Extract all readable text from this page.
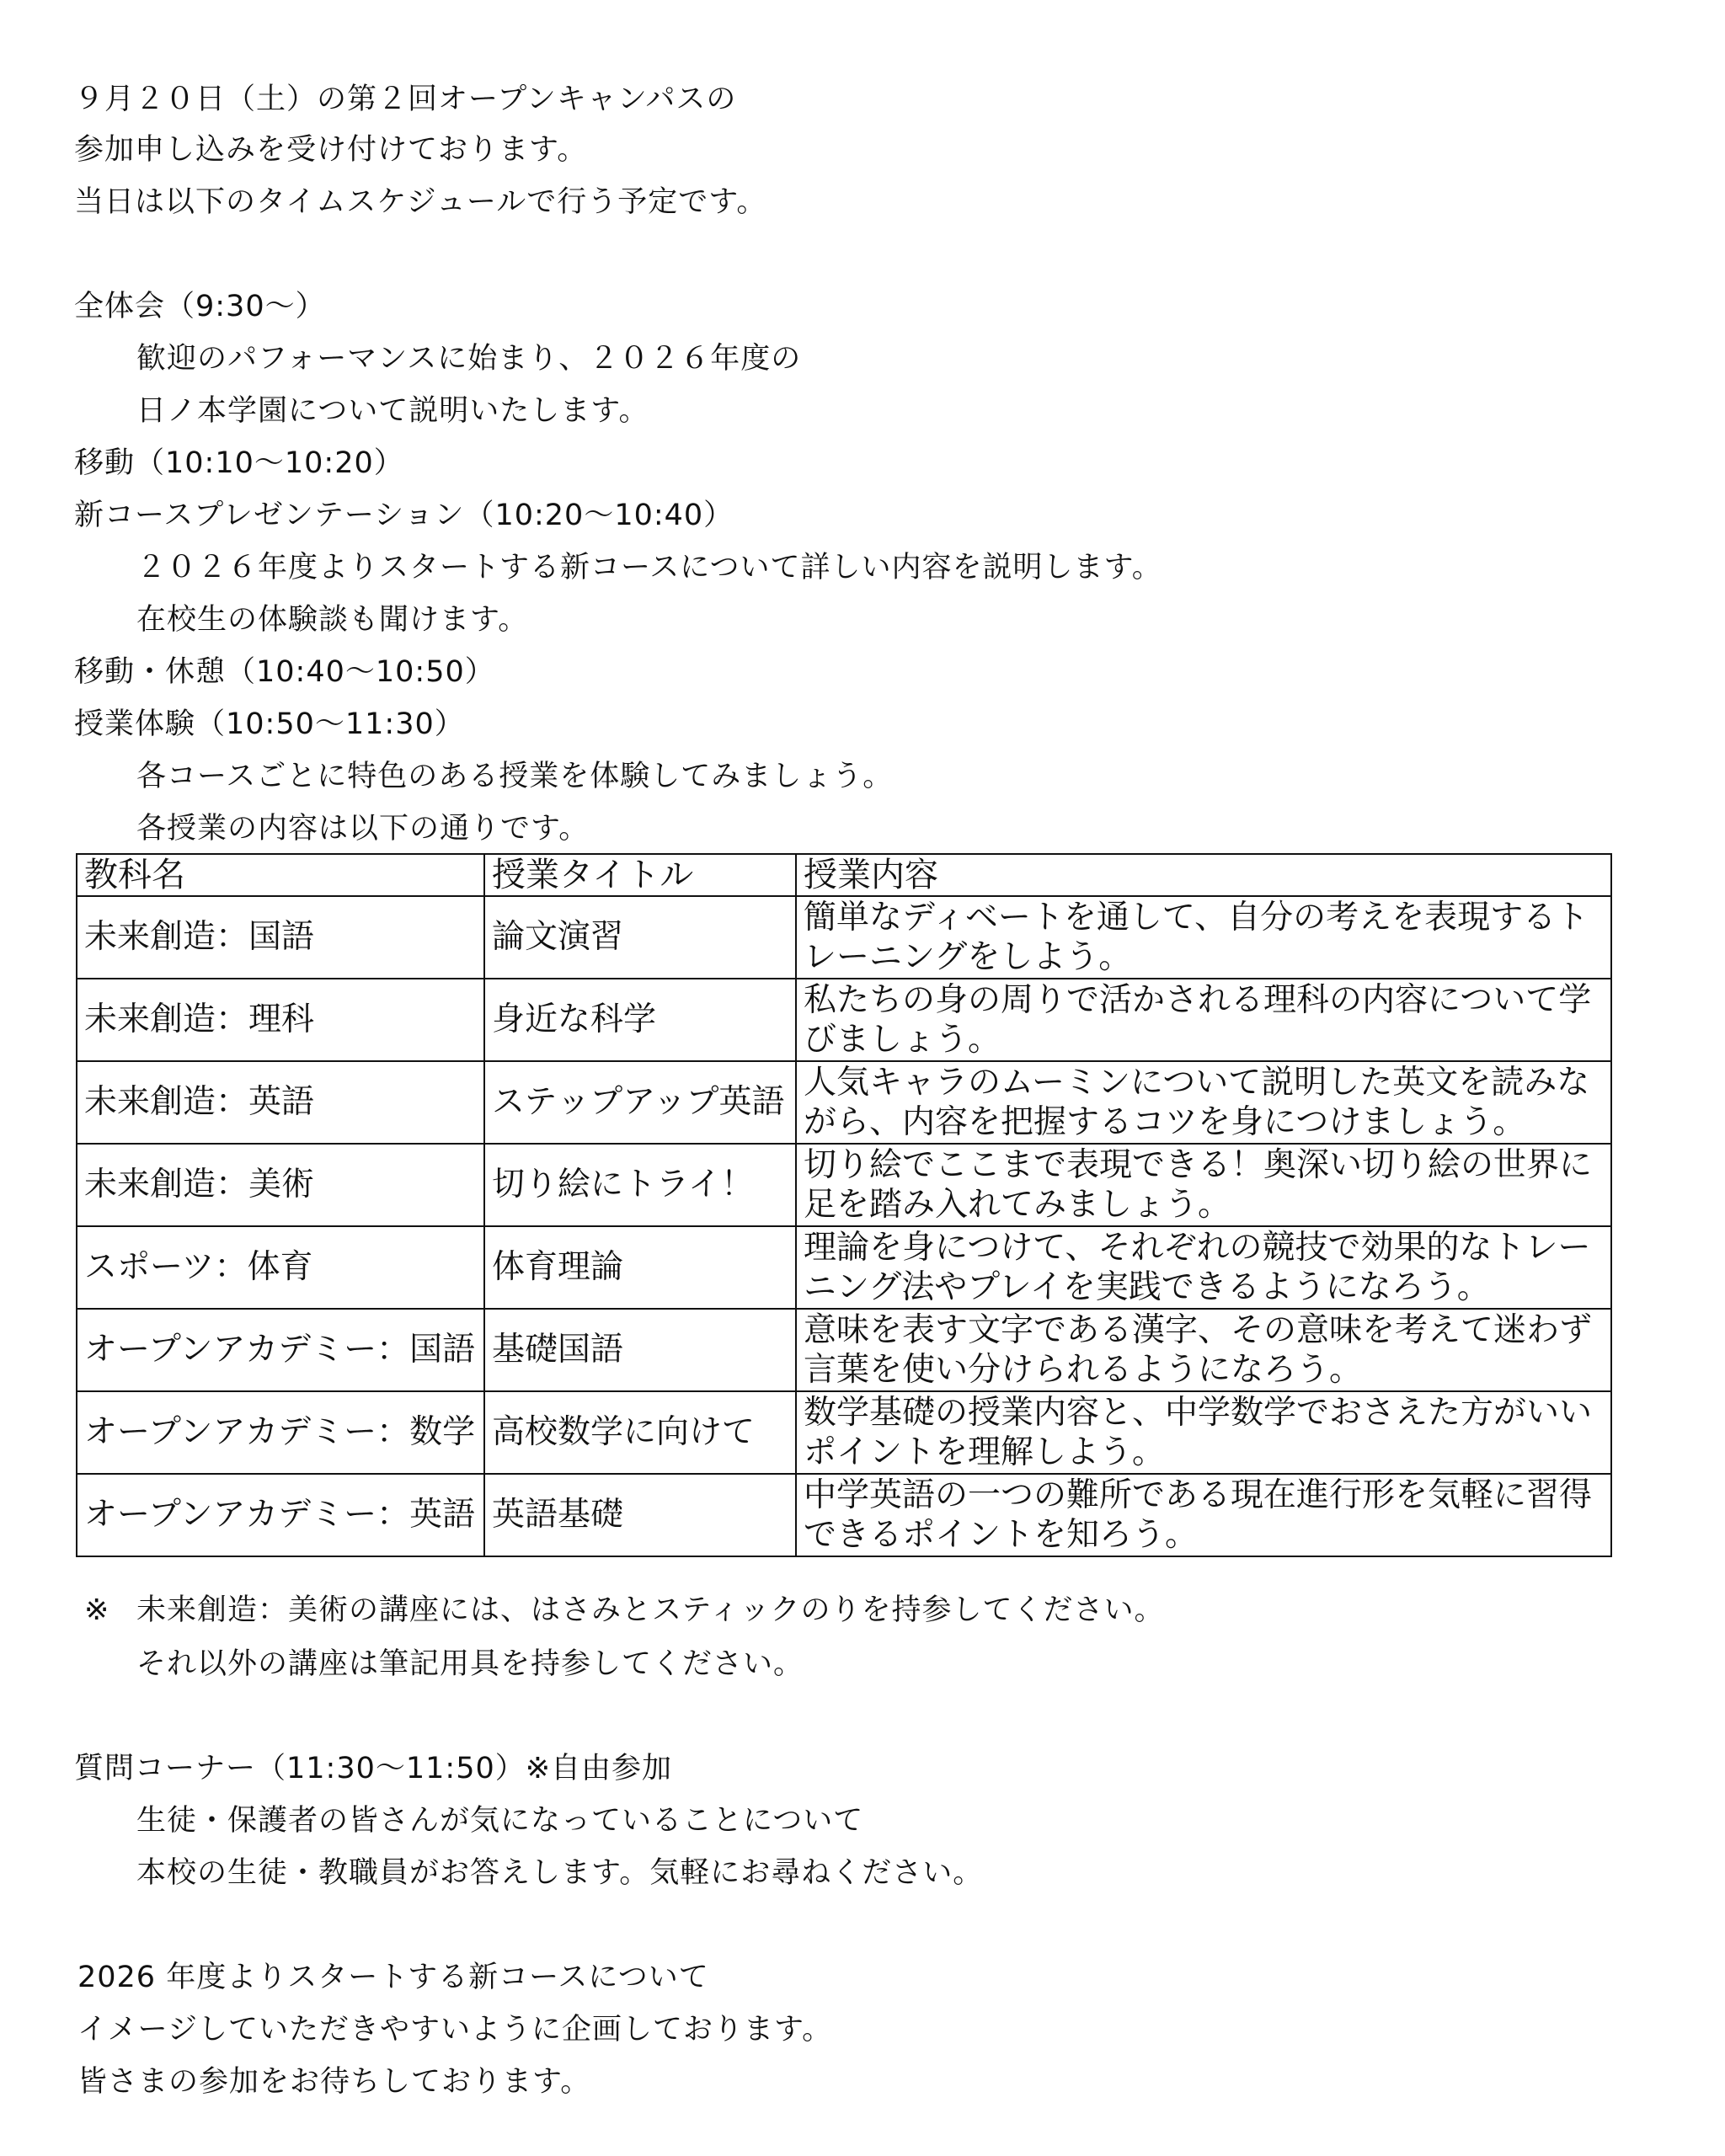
９月２０日（土）の第２回オープンキャンパスの
参加申し込みを受け付けております。
当日は以下のタイムスケジュールで行う予定です。
全体会（9:30〜）
歓迎のパフォーマンスに始まり、２０２６年度の
日ノ本学園について説明いたします。
移動（10:10〜10:20）
新コースプレゼンテーション（10:20〜10:40）
２０２６年度よりスタートする新コースについて詳しい内容を説明します。
在校生の体験談も聞けます。
移動・休憩（10:40〜10:50）
授業体験（10:50〜11:30）
各コースごとに特色のある授業を体験してみましょう。
各授業の内容は以下の通りです。
教科名	授業タイトル	授業内容
未来創造：国語	論文演習	簡単なディベートを通して、自分の考えを表現するトレーニングをしよう。
未来創造：理科	身近な科学	私たちの身の周りで活かされる理科の内容について学びましょう。
未来創造：英語	ステップアップ英語	人気キャラのムーミンについて説明した英文を読みながら、内容を把握するコツを身につけましょう。
未来創造：美術	切り絵にトライ！	切り絵でここまで表現できる！奥深い切り絵の世界に足を踏み入れてみましょう。
スポーツ：体育	体育理論	理論を身につけて、それぞれの競技で効果的なトレーニング法やプレイを実践できるようになろう。
オープンアカデミー：国語	基礎国語	意味を表す文字である漢字、その意味を考えて迷わず言葉を使い分けられるようになろう。
オープンアカデミー：数学	高校数学に向けて	数学基礎の授業内容と、中学数学でおさえた方がいいポイントを理解しよう。
オープンアカデミー：英語	英語基礎	中学英語の一つの難所である現在進行形を気軽に習得できるポイントを知ろう。
※ 未来創造：美術の講座には、はさみとスティックのりを持参してください。
それ以外の講座は筆記用具を持参してください。
質問コーナー（11:30〜11:50）※自由参加
生徒・保護者の皆さんが気になっていることについて
本校の生徒・教職員がお答えします。気軽にお尋ねください。
2026 年度よりスタートする新コースについて
イメージしていただきやすいように企画しております。
皆さまの参加をお待ちしております。
